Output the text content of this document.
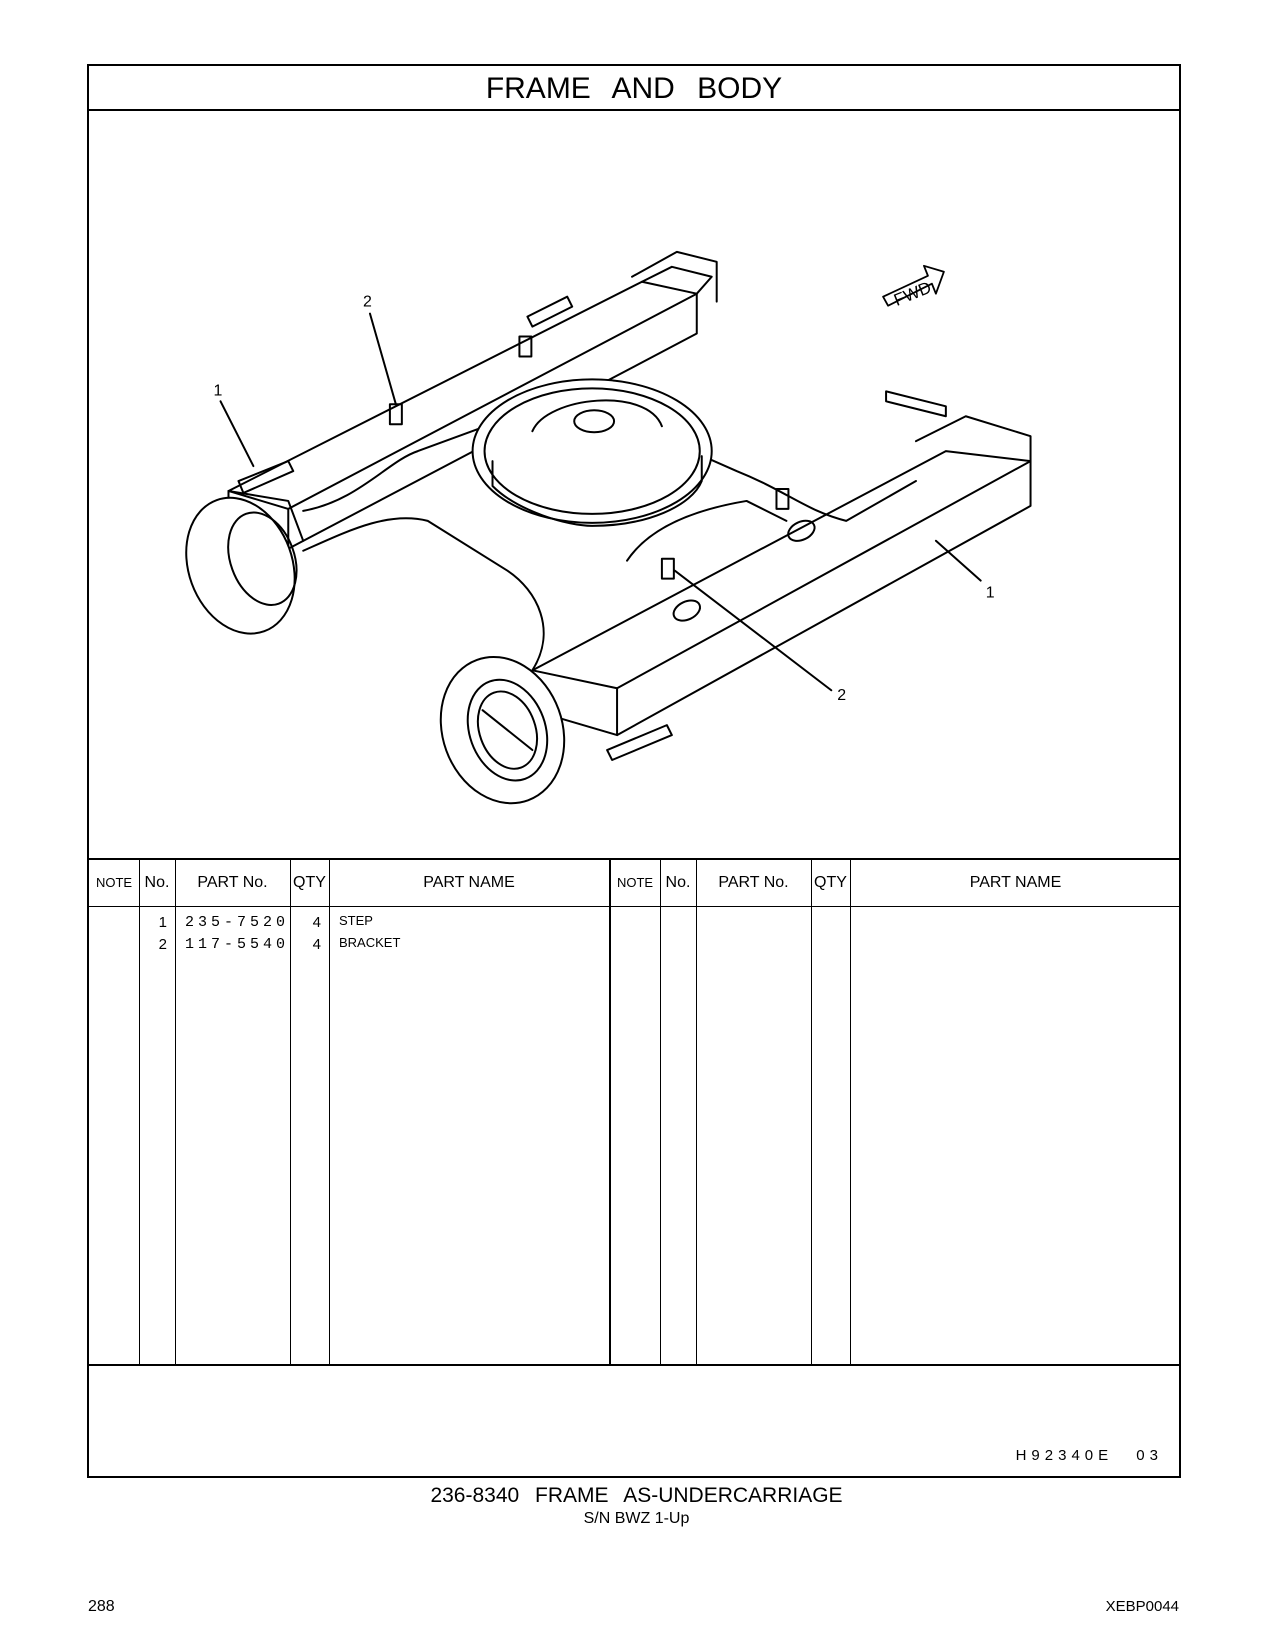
FRAME AND BODY
2
1
1
2
FWD
NOTE No.	PART No.	QTY	PART NAME	NOTE No.	PART No.	QTY	PART NAME
1 235-7520	4 STEP
2 117-5540	4 BRACKET
H92340E 03
236-8340 FRAME AS-UNDERCARRIAGE
S/N BWZ 1-Up
288	XEBP0044
